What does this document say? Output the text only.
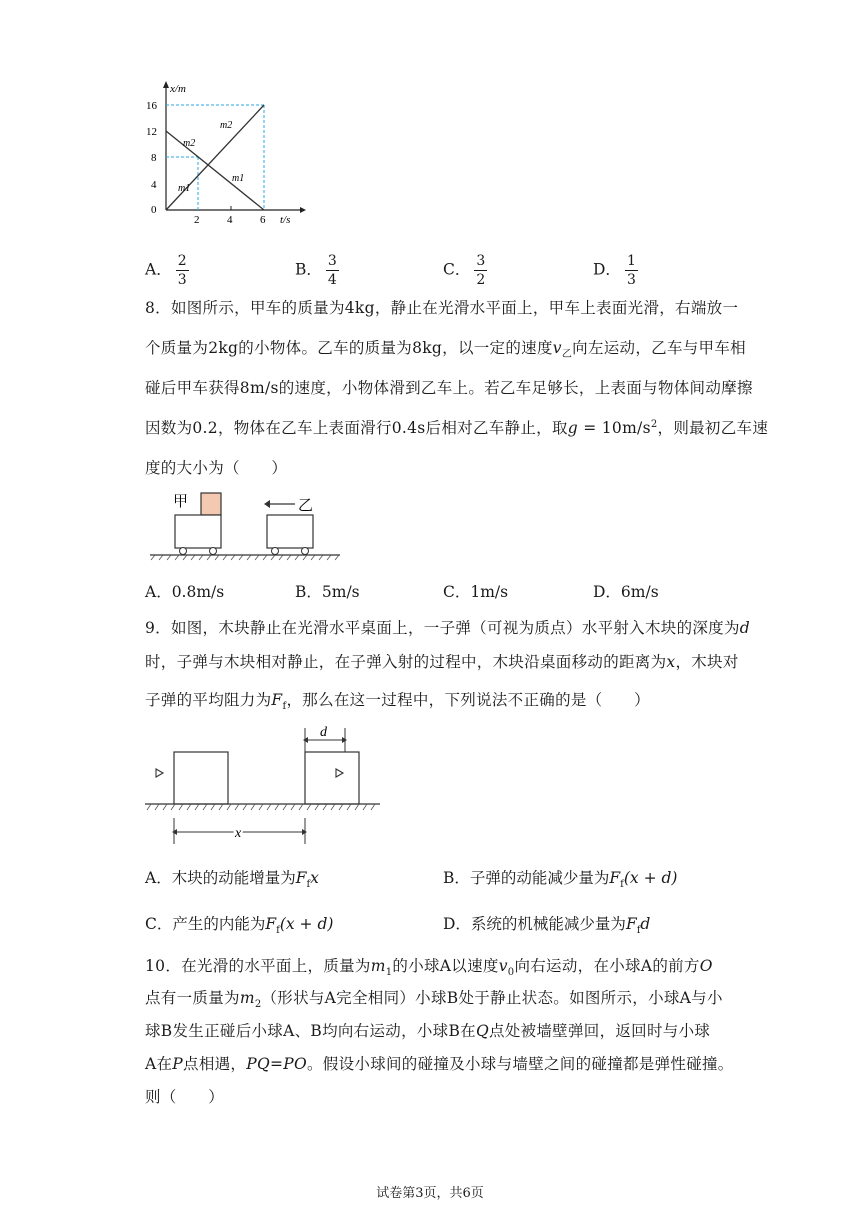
x/m
16
12
8
4
0
2	4	6 t/s
m2
m2
m1
m1
A． $\frac{2}{3}$	B． $\frac{3}{4}$	C． $\frac{3}{2}$	D． $\frac{1}{3}$
8．如图所示，甲车的质量为4kg，静止在光滑水平面上，甲车上表面光滑，右端放一
个质量为2kg的小物体。乙车的质量为8kg，以一定的速度$v_乙$向左运动，乙车与甲车相
碰后甲车获得8m/s的速度，小物体滑到乙车上。若乙车足够长，上表面与物体间动摩擦
因数为0.2，物体在乙车上表面滑行0.4s后相对乙车静止，取$g = 10m/s^2$，则最初乙车速
度的大小为（　　）
甲	乙
A．0.8m/s	B．5m/s	C．1m/s	D．6m/s
9．如图，木块静止在光滑水平桌面上，一子弹（可视为质点）水平射入木块的深度为d
时，子弹与木块相对静止，在子弹入射的过程中，木块沿桌面移动的距离为x，木块对
子弹的平均阻力为$F_f$，那么在这一过程中，下列说法不正确的是（　　）
d
x
A．木块的动能增量为$F_fx$	B．子弹的动能减少量为$F_f(x + d)$
C．产生的内能为$F_f(x + d)$	D．系统的机械能减少量为$F_fd$
10．在光滑的水平面上，质量为$m_1$的小球A以速度$v_0$向右运动，在小球A的前方O
点有一质量为$m_2$（形状与A完全相同）小球B处于静止状态。如图所示，小球A与小
球B发生正碰后小球A、B均向右运动，小球B在Q点处被墙壁弹回，返回时与小球
A在P点相遇，PQ=PO。假设小球间的碰撞及小球与墙壁之间的碰撞都是弹性碰撞。
则（　　）
试卷第3页，共6页
